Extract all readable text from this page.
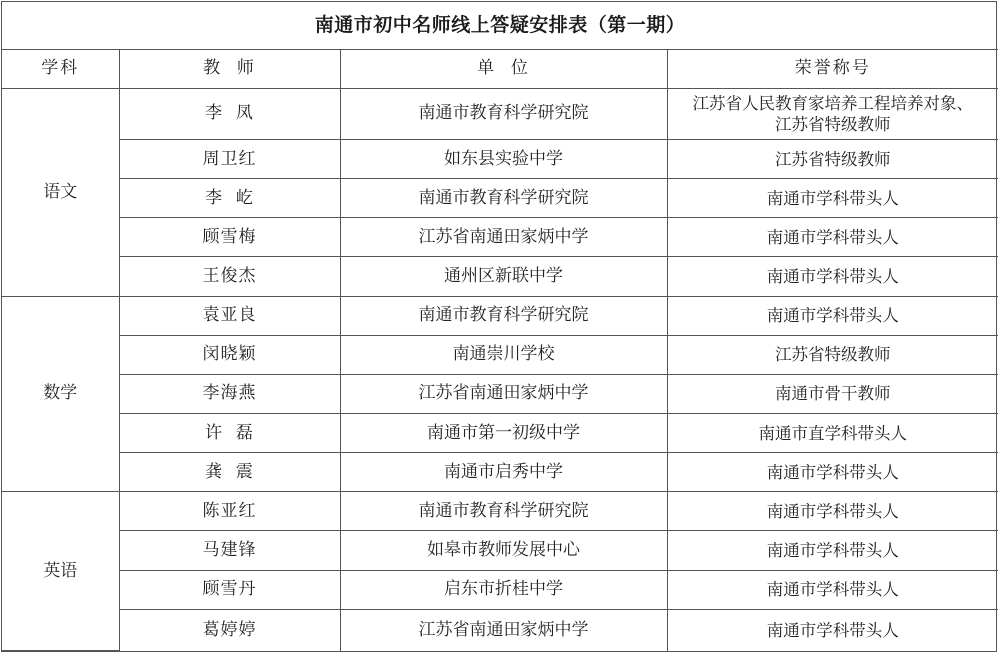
南通市初中名师线上答疑安排表（第一期）			
学科	教  师	单  位	荣誉称号
语文	李  凤	南通市教育科学研究院	江苏省人民教育家培养工程培养对象、
江苏省特级教师

	周卫红	如东县实验中学	江苏省特级教师
	李  屹	南通市教育科学研究院	南通市学科带头人
	顾雪梅	江苏省南通田家炳中学	南通市学科带头人
	王俊杰	通州区新联中学	南通市学科带头人
数学	袁亚良	南通市教育科学研究院	南通市学科带头人
	闵晓颖	南通崇川学校	江苏省特级教师
	李海燕	江苏省南通田家炳中学	南通市骨干教师
	许  磊	南通市第一初级中学	南通市直学科带头人
	龚  震	南通市启秀中学	南通市学科带头人
英语	陈亚红	南通市教育科学研究院	南通市学科带头人
	马建锋	如皋市教师发展中心	南通市学科带头人
	顾雪丹	启东市折桂中学	南通市学科带头人
	葛婷婷	江苏省南通田家炳中学	南通市学科带头人
